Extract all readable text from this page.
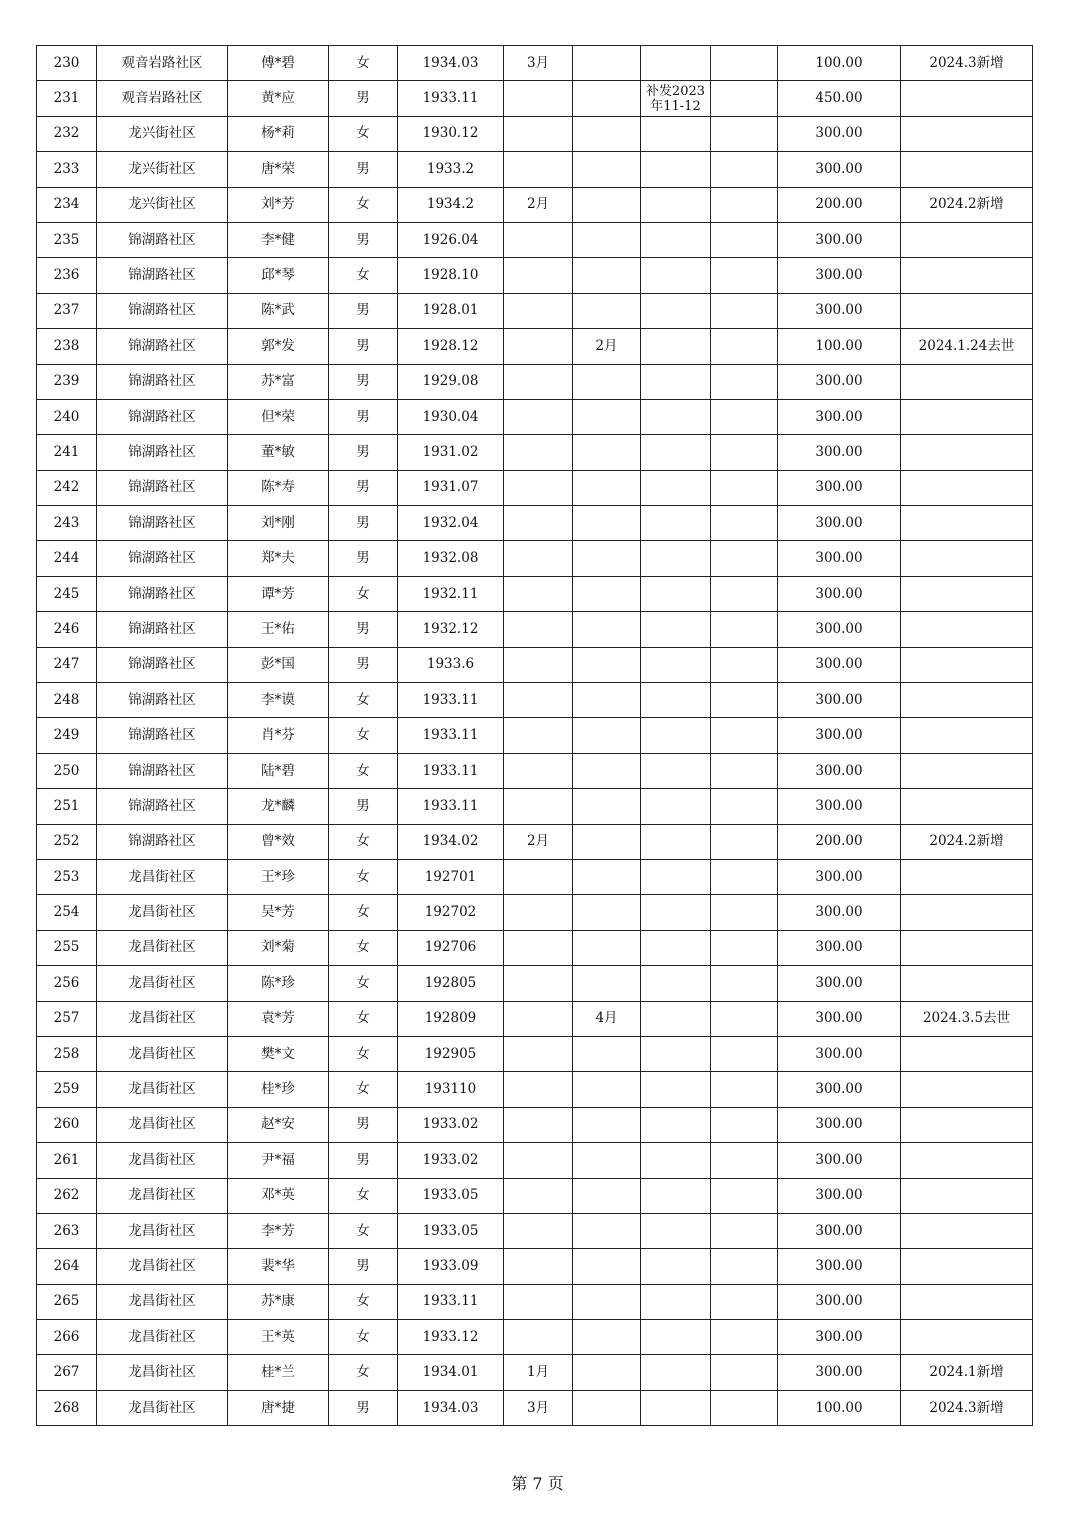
230	观音岩路社区	傅*碧	女	1934.03	3月				100.00	2024.3新增
231	观音岩路社区	黄*应	男	1933.11			补发2023年11-12		450.00	
232	龙兴街社区	杨*莉	女	1930.12					300.00	
233	龙兴街社区	唐*荣	男	1933.2					300.00	
234	龙兴街社区	刘*芳	女	1934.2	2月				200.00	2024.2新增
235	锦湖路社区	李*健	男	1926.04					300.00	
236	锦湖路社区	邱*琴	女	1928.10					300.00	
237	锦湖路社区	陈*武	男	1928.01					300.00	
238	锦湖路社区	郭*发	男	1928.12		2月			100.00	2024.1.24去世
239	锦湖路社区	苏*富	男	1929.08					300.00	
240	锦湖路社区	但*荣	男	1930.04					300.00	
241	锦湖路社区	董*敏	男	1931.02					300.00	
242	锦湖路社区	陈*寿	男	1931.07					300.00	
243	锦湖路社区	刘*刚	男	1932.04					300.00	
244	锦湖路社区	郑*夫	男	1932.08					300.00	
245	锦湖路社区	谭*芳	女	1932.11					300.00	
246	锦湖路社区	王*佑	男	1932.12					300.00	
247	锦湖路社区	彭*国	男	1933.6					300.00	
248	锦湖路社区	李*谟	女	1933.11					300.00	
249	锦湖路社区	肖*芬	女	1933.11					300.00	
250	锦湖路社区	陆*碧	女	1933.11					300.00	
251	锦湖路社区	龙*麟	男	1933.11					300.00	
252	锦湖路社区	曾*效	女	1934.02	2月				200.00	2024.2新增
253	龙昌街社区	王*珍	女	192701					300.00	
254	龙昌街社区	吴*芳	女	192702					300.00	
255	龙昌街社区	刘*菊	女	192706					300.00	
256	龙昌街社区	陈*珍	女	192805					300.00	
257	龙昌街社区	袁*芳	女	192809		4月			300.00	2024.3.5去世
258	龙昌街社区	樊*文	女	192905					300.00	
259	龙昌街社区	桂*珍	女	193110					300.00	
260	龙昌街社区	赵*安	男	1933.02					300.00	
261	龙昌街社区	尹*福	男	1933.02					300.00	
262	龙昌街社区	邓*英	女	1933.05					300.00	
263	龙昌街社区	李*芳	女	1933.05					300.00	
264	龙昌街社区	裴*华	男	1933.09					300.00	
265	龙昌街社区	苏*康	女	1933.11					300.00	
266	龙昌街社区	王*英	女	1933.12					300.00	
267	龙昌街社区	桂*兰	女	1934.01	1月				300.00	2024.1新增
268	龙昌街社区	唐*捷	男	1934.03	3月				100.00	2024.3新增
第 7 页
